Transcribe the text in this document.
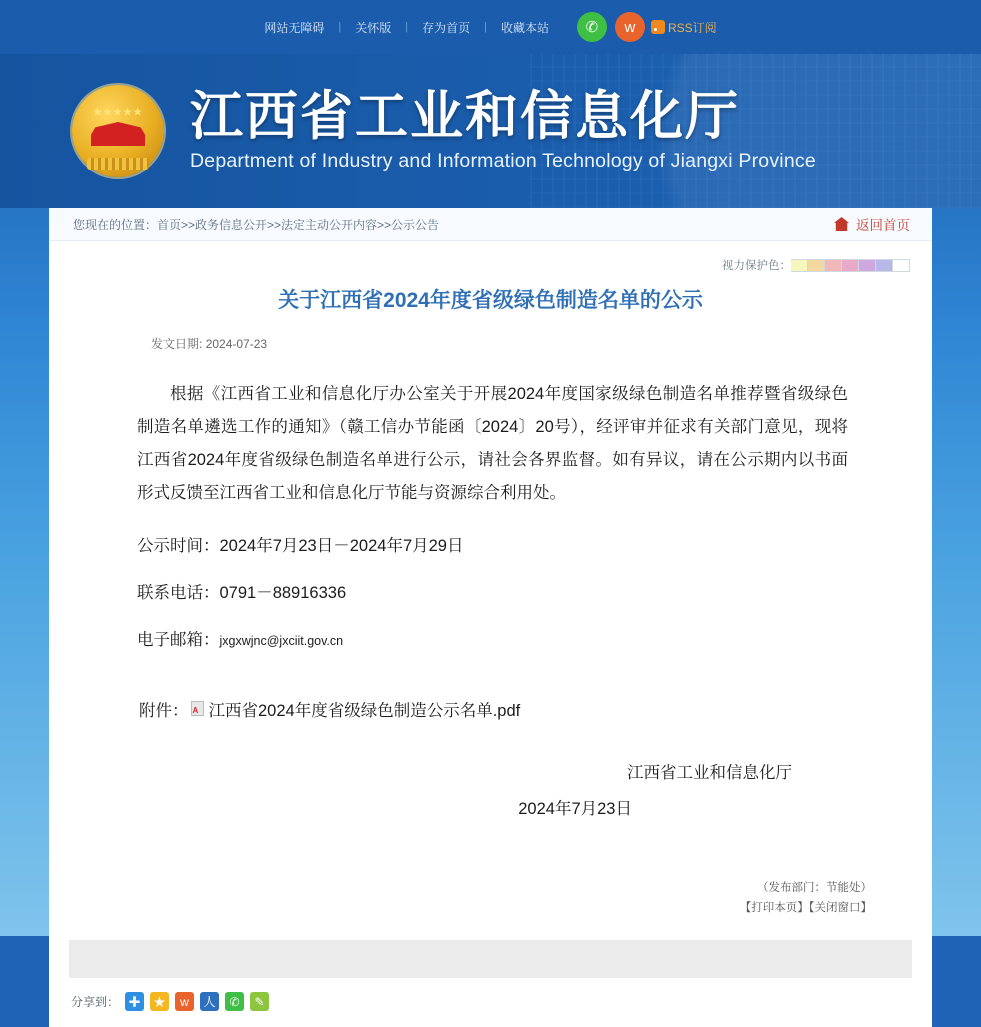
网站无障碍	|	关怀版	|	存为首页	|	收藏本站	✆	w	RSS订阅
★★★★★ 江西省工业和信息化厅
Department of Industry and Information Technology of Jiangxi Province
您现在的位置：首页>>政务信息公开>>法定主动公开内容>>公示公告	返回首页
视力保护色：
关于江西省2024年度省级绿色制造名单的公示
发文日期: 2024-07-23

根据《江西省工业和信息化厅办公室关于开展2024年度国家级绿色制造名单推荐暨省级绿色制造名单遴选工作的通知》（赣工信办节能函〔2024〕20号），经评审并征求有关部门意见，现将江西省2024年度省级绿色制造名单进行公示，请社会各界监督。如有异议，请在公示期内以书面形式反馈至江西省工业和信息化厅节能与资源综合利用处。

公示时间：2024年7月23日－2024年7月29日

联系电话：0791－88916336

电子邮箱：jxgxwjnc@jxciit.gov.cn

附件： A 江西省2024年度省级绿色制造公示名单.pdf
江西省工业和信息化厅
2024年7月23日
（发布部门：节能处）
【打印本页】【关闭窗口】
分享到： ✚ ★	w	人	✆	✎
